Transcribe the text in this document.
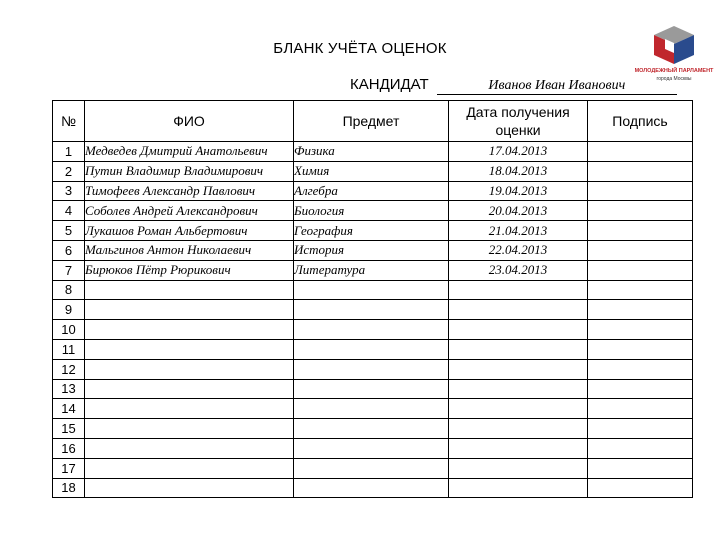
БЛАНК УЧЁТА ОЦЕНОК
КАНДИДАТ	Иванов Иван Иванович
МОЛОДЕЖНЫЙ ПАРЛАМЕНТ
города Москвы
№	ФИО	Предмет	Дата получения оценки	Подпись
1	Медведев Дмитрий Анатольевич	Физика	17.04.2013	
2	Путин Владимир Владимирович	Химия	18.04.2013	
3	Тимофеев Александр Павлович	Алгебра	19.04.2013	
4	Соболев Андрей Александрович	Биология	20.04.2013	
5	Лукашов Роман Альбертович	География	21.04.2013	
6	Мальгинов Антон Николаевич	История	22.04.2013	
7	Бирюков Пётр Рюрикович	Литература	23.04.2013	
8				
9				
10				
11				
12				
13				
14				
15				
16				
17				
18				
